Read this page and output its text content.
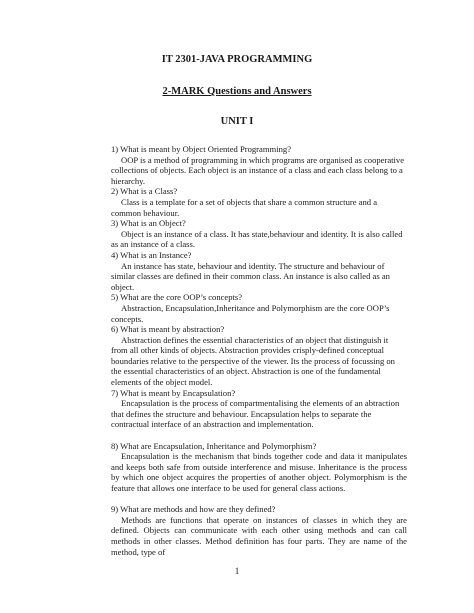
IT 2301-JAVA PROGRAMMING
2-MARK Questions and Answers
UNIT I

1) What is meant by Object Oriented Programming?

OOP is a method of programming in which programs are organised as cooperative collections of objects. Each object is an instance of a class and each class belong to a hierarchy.

2) What is a Class?

Class is a template for a set of objects that share a common structure and a common behaviour.

3) What is an Object?

Object is an instance of a class. It has state,behaviour and identity. It is also called as an instance of a class.

4) What is an Instance?

An instance has state, behaviour and identity. The structure and behaviour of similar classes are defined in their common class. An instance is also called as an object.

5) What are the core OOP’s concepts?

Abstraction, Encapsulation,Inheritance and Polymorphism are the core OOP’s concepts.

6) What is meant by abstraction?

Abstraction defines the essential characteristics of an object that distinguish it from all other kinds of objects. Abstraction provides crisply-defined conceptual boundaries relative to the perspective of the viewer. Its the process of focussing on the essential characteristics of an object. Abstraction is one of the fundamental elements of the object model.

7) What is meant by Encapsulation?

Encapsulation is the process of compartmentalising the elements of an abtraction that defines the structure and behaviour. Encapsulation helps to separate the contractual interface of an abstraction and implementation.

8) What are Encapsulation, Inheritance and Polymorphism?

Encapsulation is the mechanism that binds together code and data it manipulates and keeps both safe from outside interference and misuse. Inheritance is the process by which one object acquires the properties of another object. Polymorphism is the feature that allows one interface to be used for general class actions.

9) What are methods and how are they defined?

Methods are functions that operate on instances of classes in which they are defined. Objects can communicate with each other using methods and can call methods in other classes. Method definition has four parts. They are name of the method, type of

1
